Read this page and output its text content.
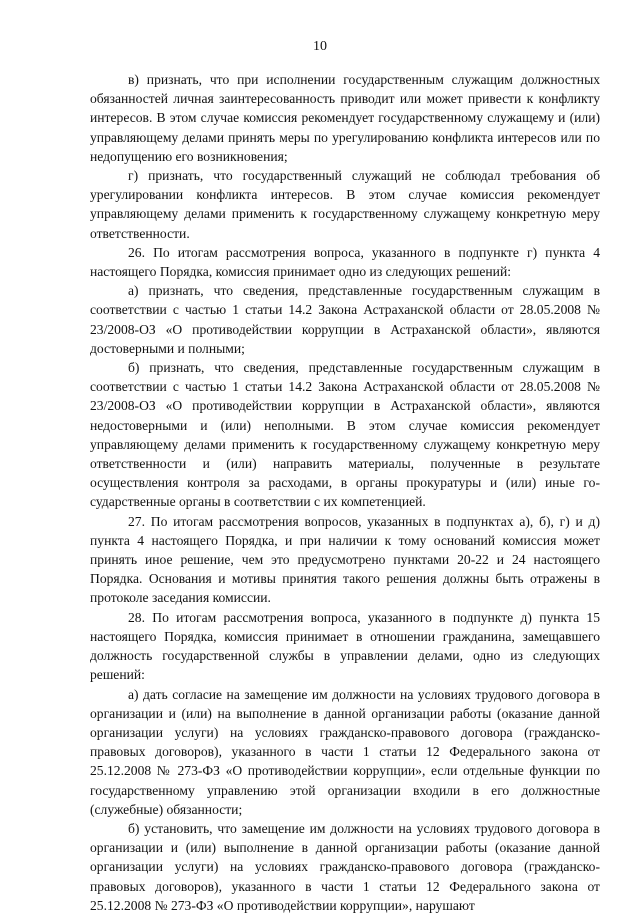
10

в) признать, что при исполнении государственным служащим должностных обязанностей личная заинтересованность приводит или может привести к конфликту интересов. В этом случае комиссия рекомендует государственному служащему и (или) управляющему делами принять меры по урегулированию конфликта интересов или по недопущению его возникновения;

г) признать, что государственный служащий не соблюдал требования об урегулировании конфликта интересов. В этом случае комиссия рекомендует управляющему делами применить к государственному служащему конкретную меру ответственности.

26. По итогам рассмотрения вопроса, указанного в подпункте г) пункта 4 настоящего Порядка, комиссия принимает одно из следующих решений:

а) признать, что сведения, представленные государственным служащим в соответствии с частью 1 статьи 14.2 Закона Астраханской области от 28.05.2008 № 23/2008-ОЗ «О противодействии коррупции в Астраханской области», являются достоверными и полными;

б) признать, что сведения, представленные государственным служащим в соответствии с частью 1 статьи 14.2 Закона Астраханской области от 28.05.2008 № 23/2008-ОЗ «О противодействии коррупции в Астраханской области», являются недостоверными и (или) неполными. В этом случае комиссия рекомендует управляющему делами применить к государственному служащему конкретную меру ответственности и (или) направить материалы, полученные в результате осуществления контроля за расходами, в органы прокуратуры и (или) иные государственные органы в соответствии с их компетенцией.

27. По итогам рассмотрения вопросов, указанных в подпунктах а), б), г) и д) пункта 4 настоящего Порядка, и при наличии к тому оснований комиссия может принять иное решение, чем это предусмотрено пунктами 20-22 и 24 настоящего Порядка. Основания и мотивы принятия такого решения должны быть отражены в протоколе заседания комиссии.

28. По итогам рассмотрения вопроса, указанного в подпункте д) пункта 15 настоящего Порядка, комиссия принимает в отношении гражданина, замещавшего должность государственной службы в управлении делами, одно из следующих решений:

а) дать согласие на замещение им должности на условиях трудового договора в организации и (или) на выполнение в данной организации работы (оказание данной организации услуги) на условиях гражданско-правового договора (гражданско-правовых договоров), указанного в части 1 статьи 12 Федерального закона от 25.12.2008 № 273-ФЗ «О противодействии коррупции», если отдельные функции по государственному управлению этой организации входили в его должностные (служебные) обязанности;

б) установить, что замещение им должности на условиях трудового договора в организации и (или) выполнение в данной организации работы (оказание данной организации услуги) на условиях гражданско-правового договора (гражданско-правовых договоров), указанного в части 1 статьи 12 Федерального закона от 25.12.2008 № 273-ФЗ «О противодействии коррупции», нарушают
